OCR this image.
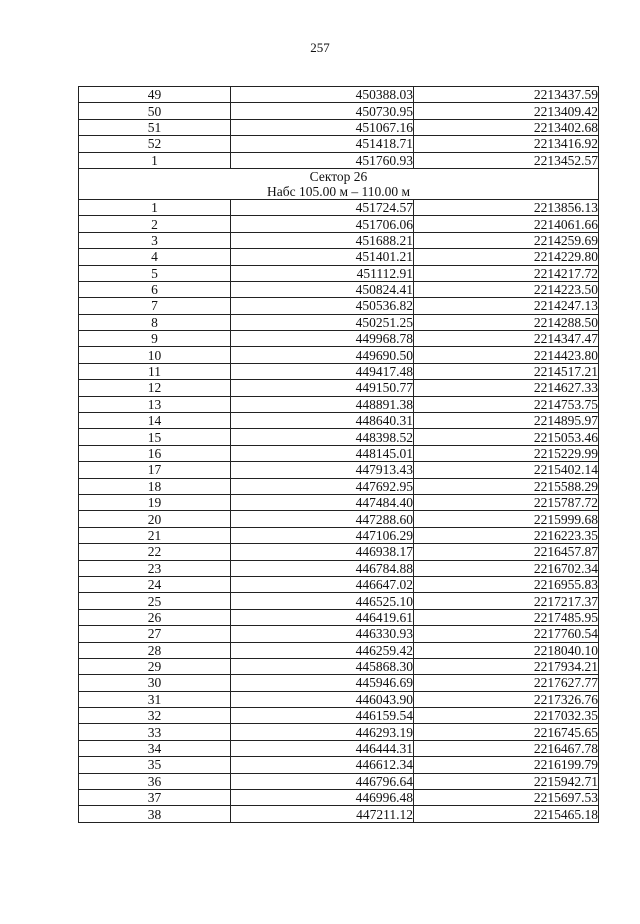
257
49	450388.03	2213437.59
50	450730.95	2213409.42
51	451067.16	2213402.68
52	451418.71	2213416.92
1	451760.93	2213452.57

Сектор 26
Набс 105.00 м – 110.00 м		

1	451724.57	2213856.13
2	451706.06	2214061.66
3	451688.21	2214259.69
4	451401.21	2214229.80
5	451112.91	2214217.72
6	450824.41	2214223.50
7	450536.82	2214247.13
8	450251.25	2214288.50
9	449968.78	2214347.47
10	449690.50	2214423.80
11	449417.48	2214517.21
12	449150.77	2214627.33
13	448891.38	2214753.75
14	448640.31	2214895.97
15	448398.52	2215053.46
16	448145.01	2215229.99
17	447913.43	2215402.14
18	447692.95	2215588.29
19	447484.40	2215787.72
20	447288.60	2215999.68
21	447106.29	2216223.35
22	446938.17	2216457.87
23	446784.88	2216702.34
24	446647.02	2216955.83
25	446525.10	2217217.37
26	446419.61	2217485.95
27	446330.93	2217760.54
28	446259.42	2218040.10
29	445868.30	2217934.21
30	445946.69	2217627.77
31	446043.90	2217326.76
32	446159.54	2217032.35
33	446293.19	2216745.65
34	446444.31	2216467.78
35	446612.34	2216199.79
36	446796.64	2215942.71
37	446996.48	2215697.53
38	447211.12	2215465.18
